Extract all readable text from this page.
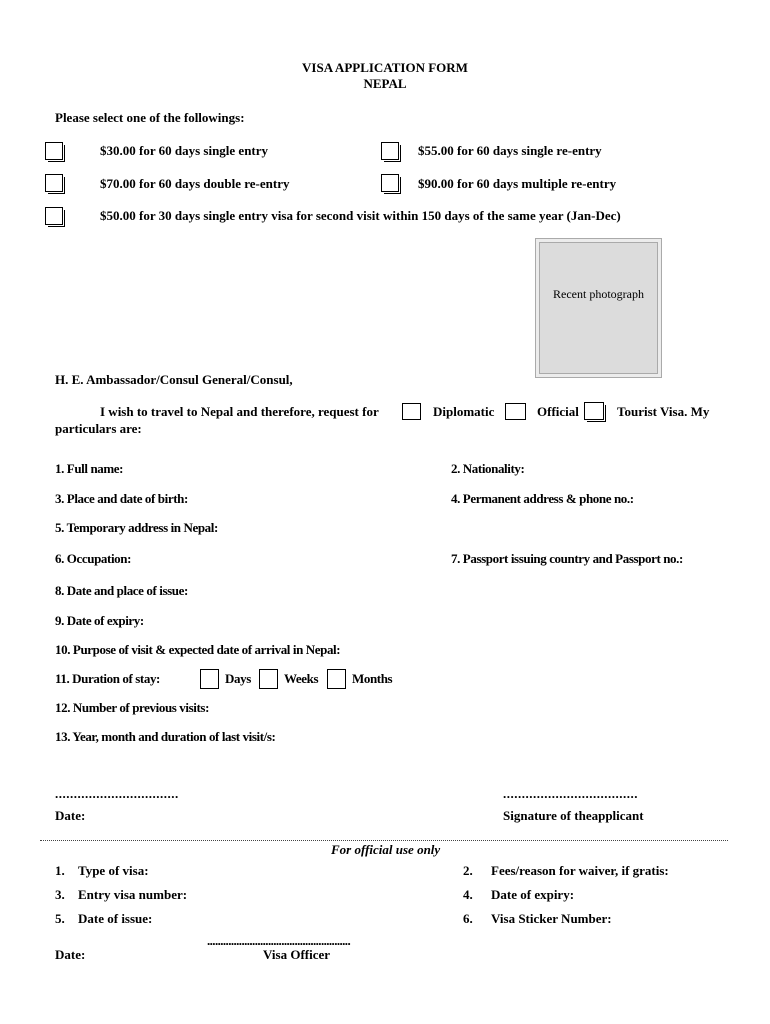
VISA APPLICATION FORM
NEPAL
Please select one of the followings:
$30.00 for 60 days single entry	$55.00 for 60 days single re-entry
$70.00 for 60 days double re-entry	$90.00 for 60 days multiple re-entry
$50.00 for 30 days single entry visa for second visit within 150 days of the same year (Jan-Dec)
Recent photograph
H. E. Ambassador/Consul General/Consul,
I wish to travel to Nepal and therefore, request for	Diplomatic	Official	Tourist Visa. My
particulars are:
1. Full name:	2. Nationality:
3. Place and date of birth:	4. Permanent address & phone no.:
5. Temporary address in Nepal:
6. Occupation:	7. Passport issuing country and Passport no.:
8. Date and place of issue:
9. Date of expiry:
10. Purpose of visit & expected date of arrival in Nepal:
11. Duration of stay:	Days	Weeks	Months
12. Number of previous visits:
13. Year, month and duration of last visit/s:
.................................	....................................
Date:	Signature of theapplicant
For official use only
1. Type of visa:	2. Fees/reason for waiver, if gratis:
3. Entry visa number:	4. Date of expiry:
5. Date of issue:	6. Visa Sticker Number:
......................................................
Date:	Visa Officer
